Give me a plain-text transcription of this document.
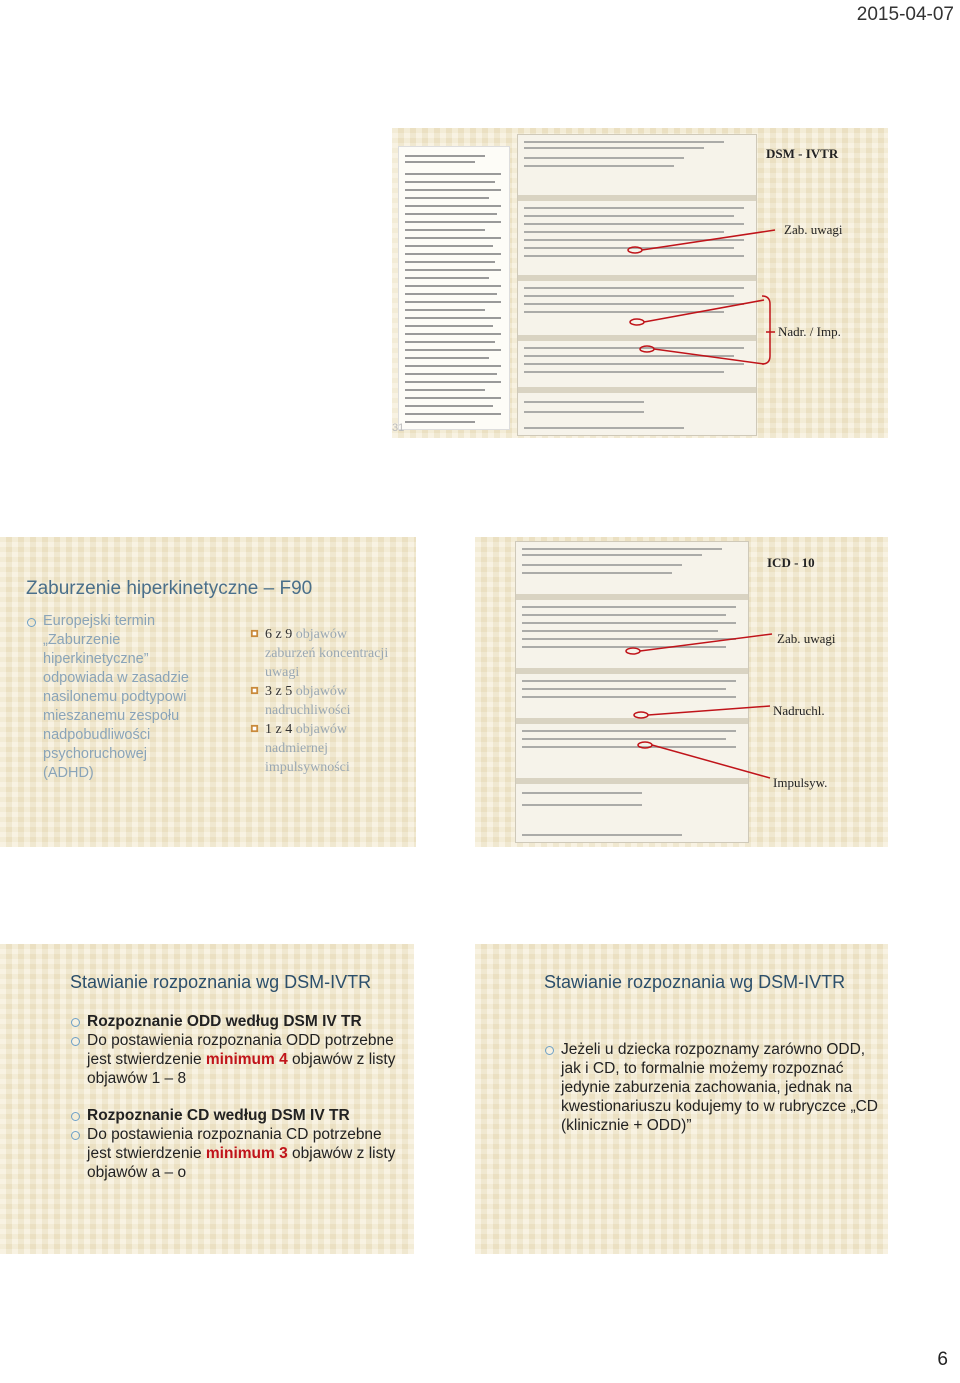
2015-04-07
DSM - IVTR
Zab. uwagi
Nadr. / Imp.
31
Zaburzenie hiperkinetyczne – F90
Europejski termin „Zaburzenie hiperkinetyczne” odpowiada w zasadzie nasilonemu podtypowi mieszanemu zespołu nadpobudliwości psychoruchowej (ADHD)
6 z 9 objawów zaburzeń koncentracji uwagi
3 z 5 objawów nadruchliwości
1 z 4 objawów nadmiernej impulsywności
ICD - 10
Zab. uwagi
Nadruchl.
Impulsyw.
Stawianie rozpoznania wg DSM-IVTR
Rozpoznanie ODD według DSM IV TR
Do postawienia rozpoznania ODD potrzebne jest stwierdzenie minimum 4 objawów z listy objawów 1 – 8
Rozpoznanie CD według DSM IV TR
Do postawienia rozpoznania CD potrzebne jest stwierdzenie minimum 3 objawów z listy objawów a – o
Stawianie rozpoznania wg DSM-IVTR
Jeżeli u dziecka rozpoznamy zarówno ODD, jak i CD, to formalnie możemy rozpoznać jedynie zaburzenia zachowania, jednak na kwestionariuszu kodujemy to w rubryczce „CD (klinicznie + ODD)”
6
